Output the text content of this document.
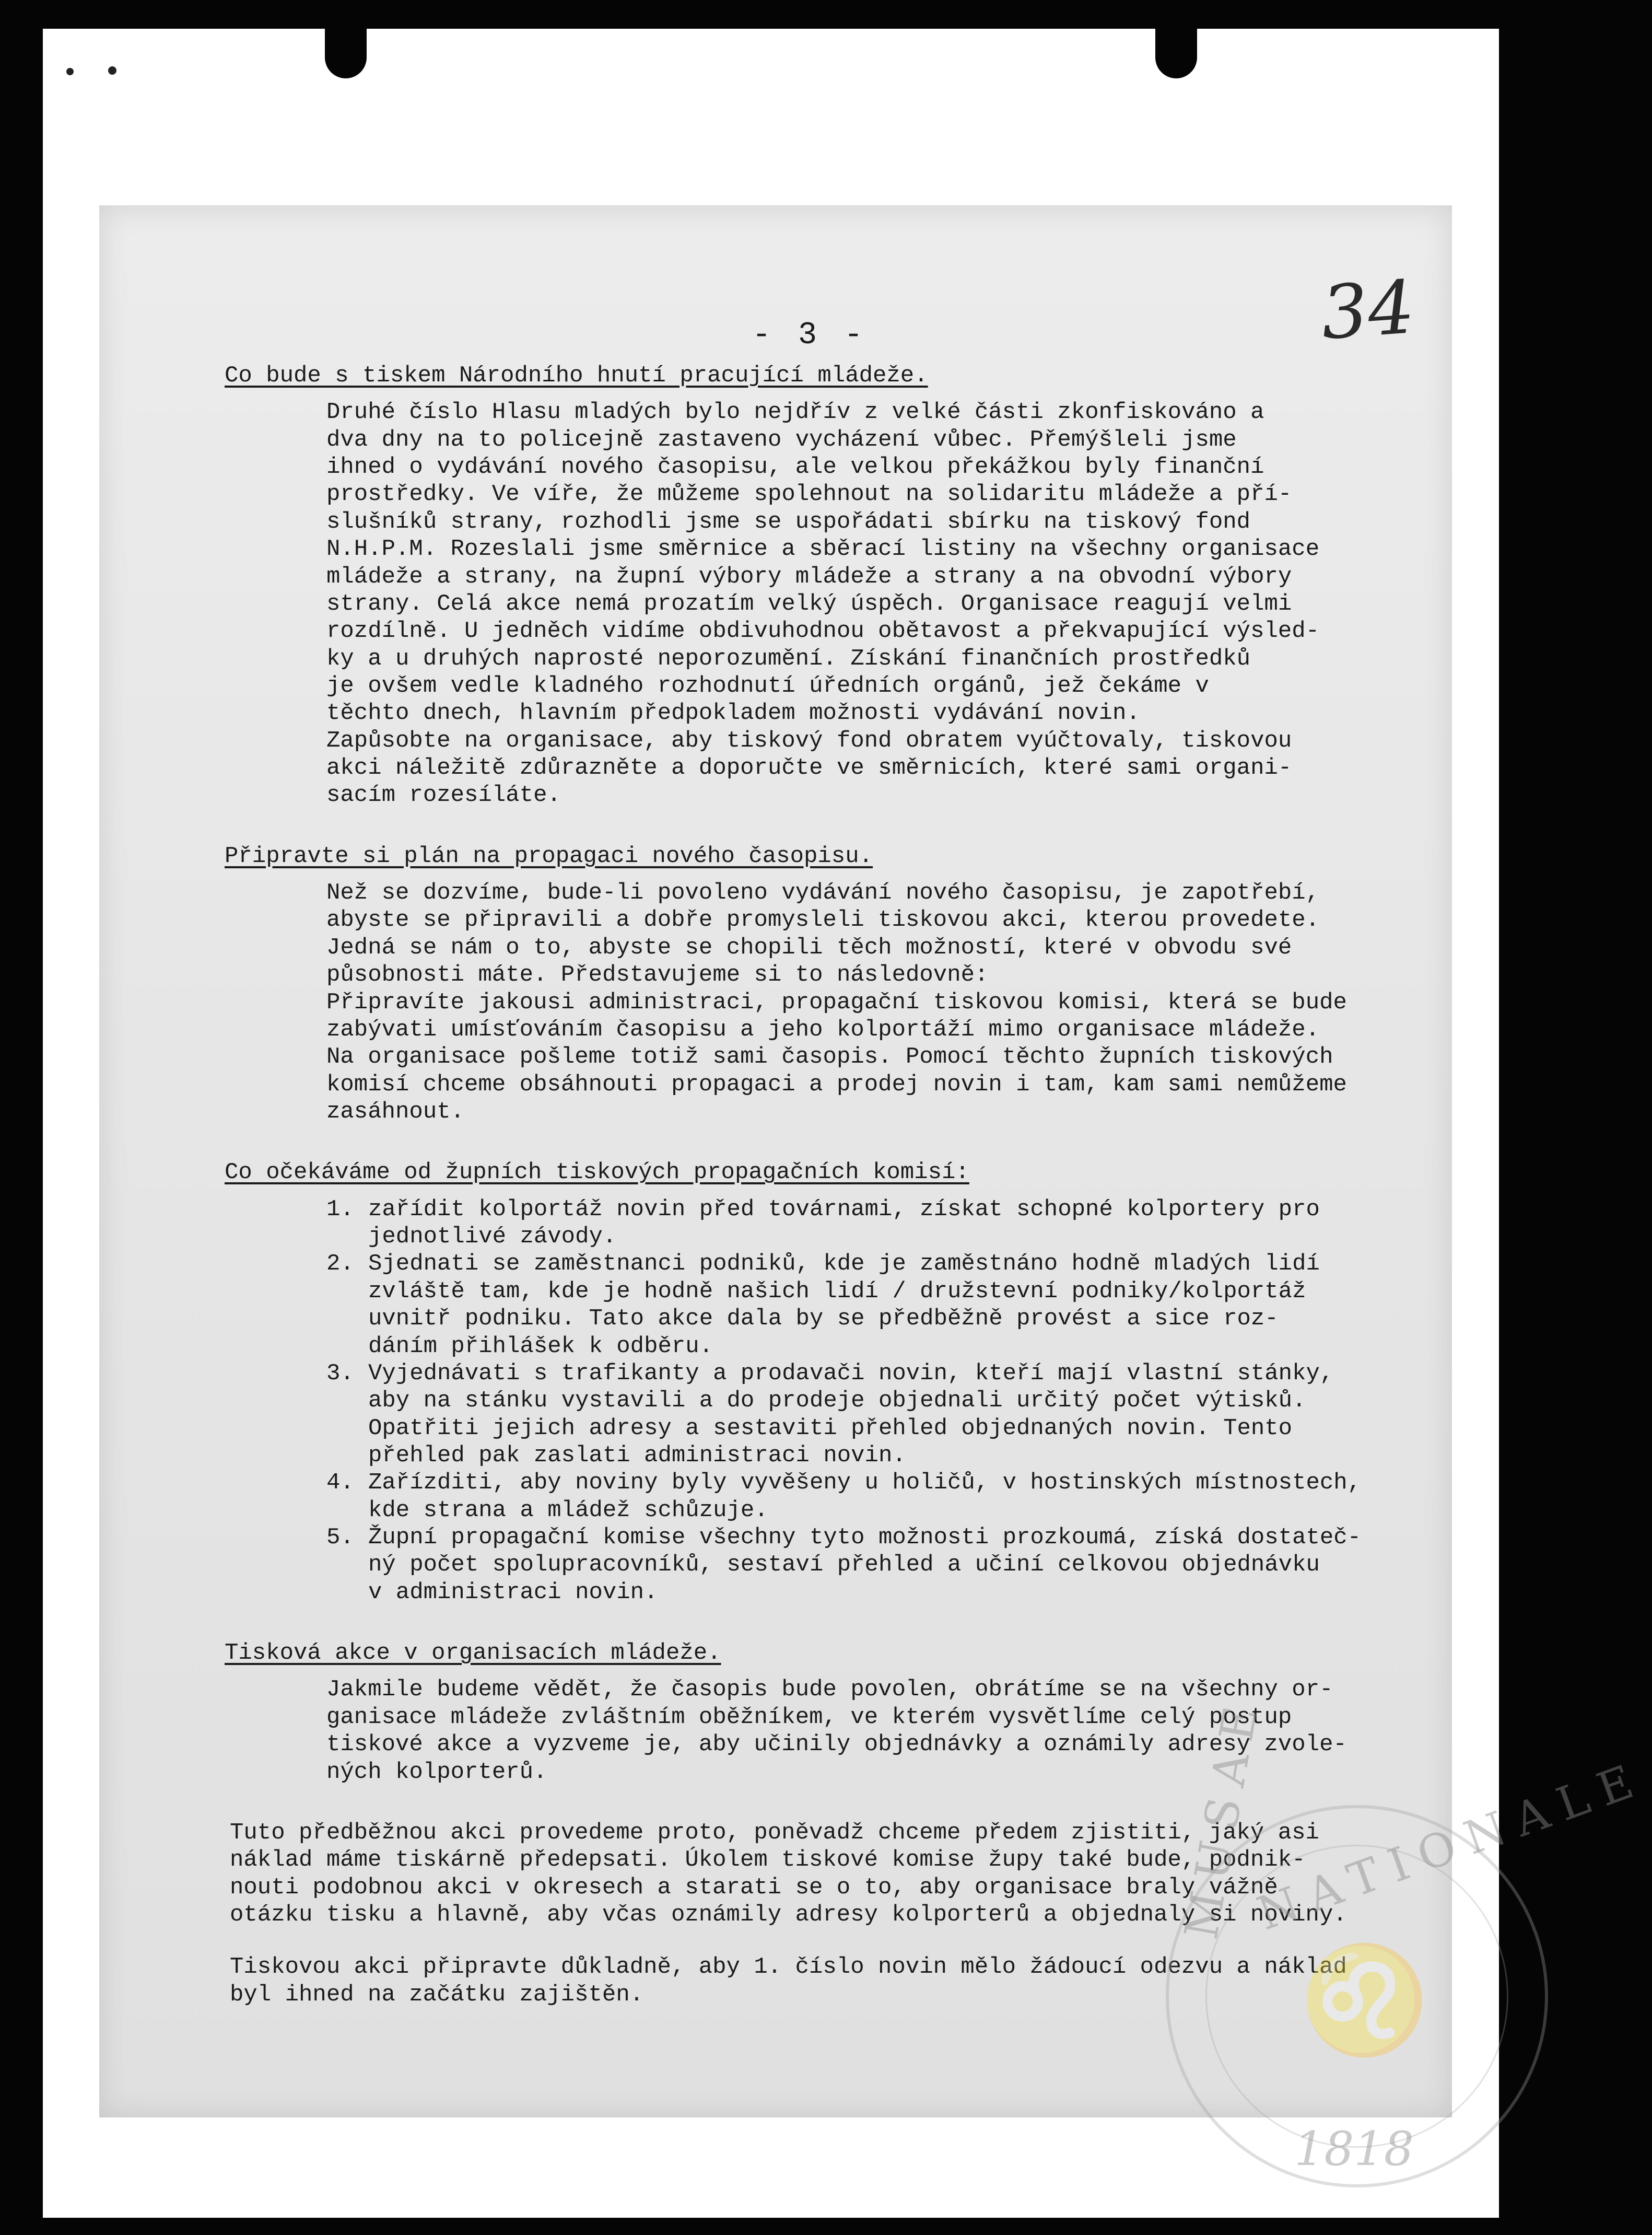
- 3 -	34
Co bude s tiskem Národního hnutí pracující mládeže.

Druhé číslo Hlasu mladých bylo nejdřív z velké části zkonfiskováno a

dva dny na to policejně zastaveno vycházení vůbec. Přemýšleli jsme

ihned o vydávání nového časopisu, ale velkou překážkou byly finanční

prostředky. Ve víře, že můžeme spolehnout na solidaritu mládeže a pří-

slušníků strany, rozhodli jsme se uspořádati sbírku na tiskový fond

N.H.P.M. Rozeslali jsme směrnice a sběrací listiny na všechny organisace

mládeže a strany, na župní výbory mládeže a strany a na obvodní výbory

strany. Celá akce nemá prozatím velký úspěch. Organisace reagují velmi

rozdílně. U jedněch vidíme obdivuhodnou obětavost a překvapující výsled-

ky a u druhých naprosté neporozumění. Získání finančních prostředků

je ovšem vedle kladného rozhodnutí úředních orgánů, jež čekáme v

těchto dnech, hlavním předpokladem možnosti vydávání novin.

Zapůsobte na organisace, aby tiskový fond obratem vyúčtovaly, tiskovou

akci náležitě zdůrazněte a doporučte ve směrnicích, které sami organi-

sacím rozesíláte.

Připravte si plán na propagaci nového časopisu.

Než se dozvíme, bude-li povoleno vydávání nového časopisu, je zapotřebí,

abyste se připravili a dobře promysleli tiskovou akci, kterou provedete.

Jedná se nám o to, abyste se chopili těch možností, které v obvodu své

působnosti máte. Představujeme si to následovně:

Připravíte jakousi administraci, propagační tiskovou komisi, která se bude

zabývati umísťováním časopisu a jeho kolportáží mimo organisace mládeže.

Na organisace pošleme totiž sami časopis. Pomocí těchto župních tiskových

komisí chceme obsáhnouti propagaci a prodej novin i tam, kam sami nemůžeme

zasáhnout.

Co očekáváme od župních tiskových propagačních komisí:
1. zařídit kolportáž novin před továrnami, získat schopné kolportery pro

jednotlivé závody.

2. Sjednati se zaměstnanci podniků, kde je zaměstnáno hodně mladých lidí

zvláště tam, kde je hodně našich lidí / družstevní podniky/kolportáž

uvnitř podniku. Tato akce dala by se předběžně provést a sice roz-

dáním přihlášek k odběru.

3. Vyjednávati s trafikanty a prodavači novin, kteří mají vlastní stánky,

aby na stánku vystavili a do prodeje objednali určitý počet výtisků.

Opatřiti jejich adresy a sestaviti přehled objednaných novin. Tento

přehled pak zaslati administraci novin.

4. Zařízditi, aby noviny byly vyvěšeny u holičů, v hostinských místnostech,

kde strana a mládež schůzuje.

5. Župní propagační komise všechny tyto možnosti prozkoumá, získá dostateč-

ný počet spolupracovníků, sestaví přehled a učiní celkovou objednávku

v administraci novin.

Tisková akce v organisacích mládeže.

Jakmile budeme vědět, že časopis bude povolen, obrátíme se na všechny or-

ganisace mládeže zvláštním oběžníkem, ve kterém vysvětlíme celý postup

tiskové akce a vyzveme je, aby učinily objednávky a oznámily adresy zvole-

ných kolporterů.

Tuto předběžnou akci provedeme proto, poněvadž chceme předem zjistiti, jaký asi

náklad máme tiskárně předepsati. Úkolem tiskové komise župy také bude, podnik-

nouti podobnou akci v okresech a starati se o to, aby organisace braly vážně

otázku tisku a hlavně, aby včas oznámily adresy kolporterů a objednaly si noviny.

Tiskovou akci připravte důkladně, aby 1. číslo novin mělo žádoucí odezvu a náklad

byl ihned na začátku zajištěn.

NATIONALE
MUSAE
♌
1818
